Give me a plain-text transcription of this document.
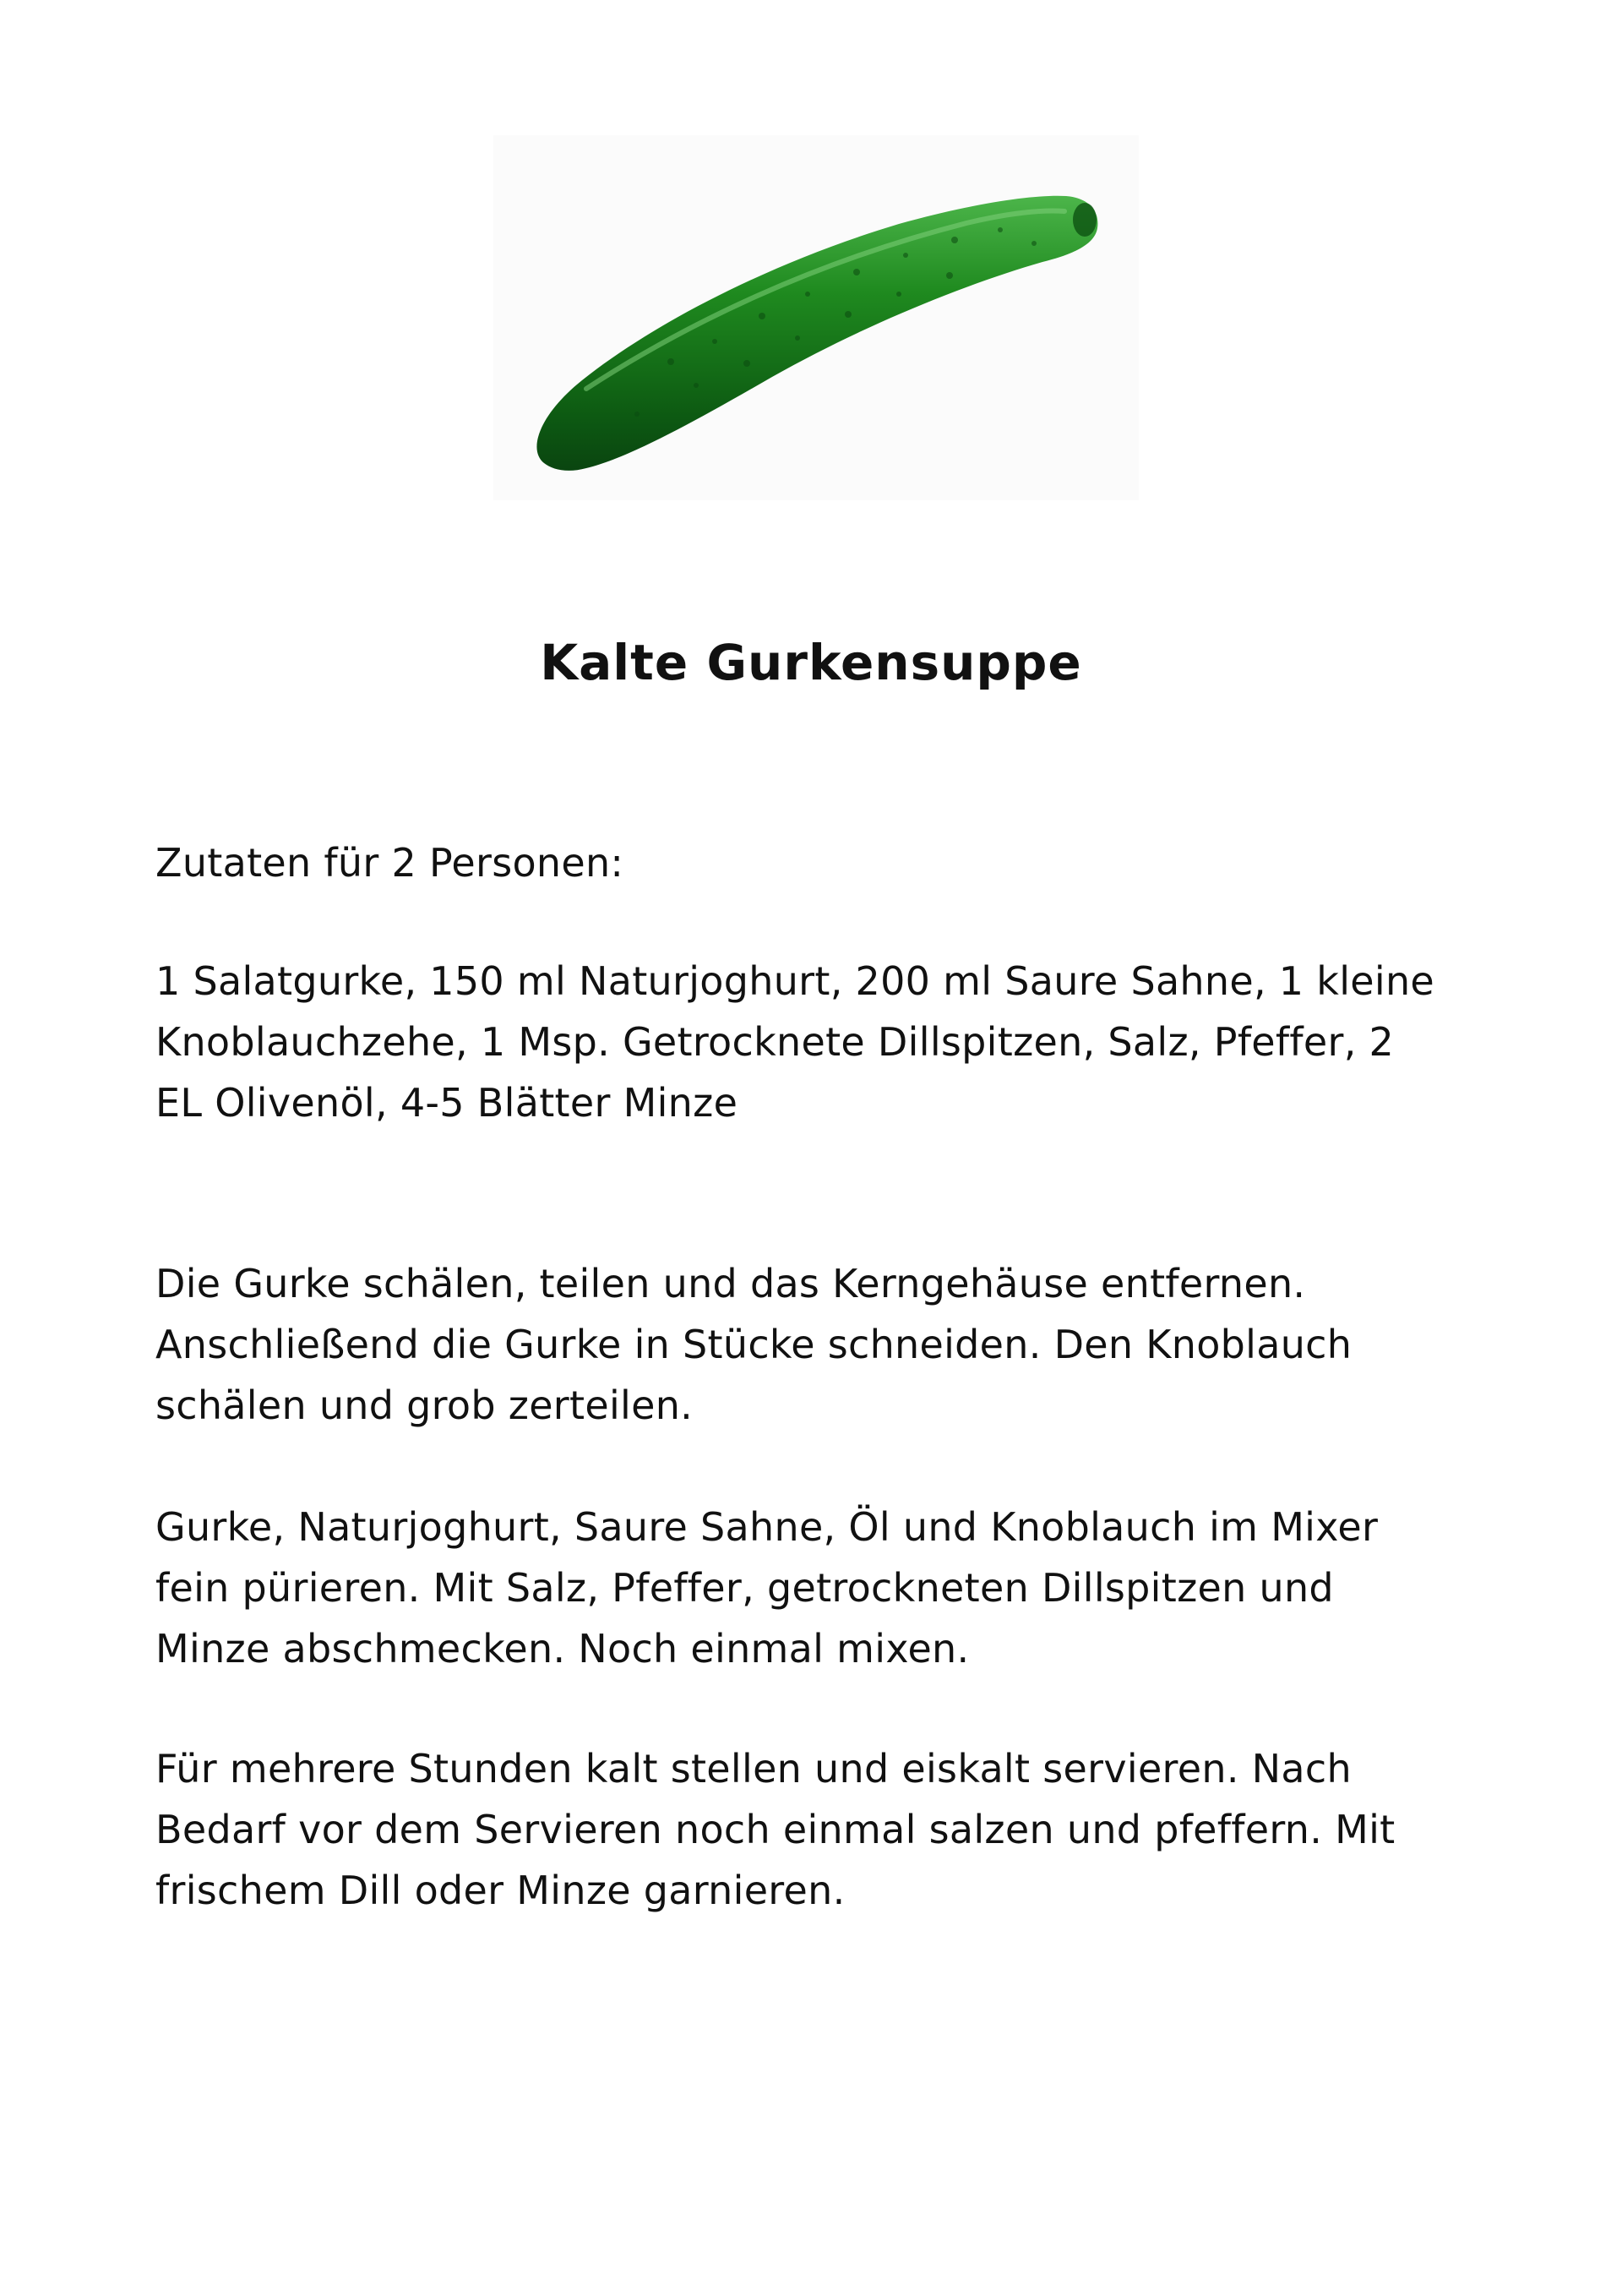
Kalte Gurkensuppe

Zutaten für 2 Personen:

1 Salatgurke, 150 ml Naturjoghurt, 200 ml Saure Sahne, 1 kleine
Knoblauchzehe, 1 Msp. Getrocknete Dillspitzen, Salz, Pfeffer, 2
EL Olivenöl, 4-5 Blätter Minze

Die Gurke schälen, teilen und das Kerngehäuse entfernen.
Anschließend die Gurke in Stücke schneiden. Den Knoblauch
schälen und grob zerteilen.

Gurke, Naturjoghurt, Saure Sahne, Öl und Knoblauch im Mixer
fein pürieren. Mit Salz, Pfeffer, getrockneten Dillspitzen und
Minze abschmecken. Noch einmal mixen.

Für mehrere Stunden kalt stellen und eiskalt servieren. Nach
Bedarf vor dem Servieren noch einmal salzen und pfeffern. Mit
frischem Dill oder Minze garnieren.
